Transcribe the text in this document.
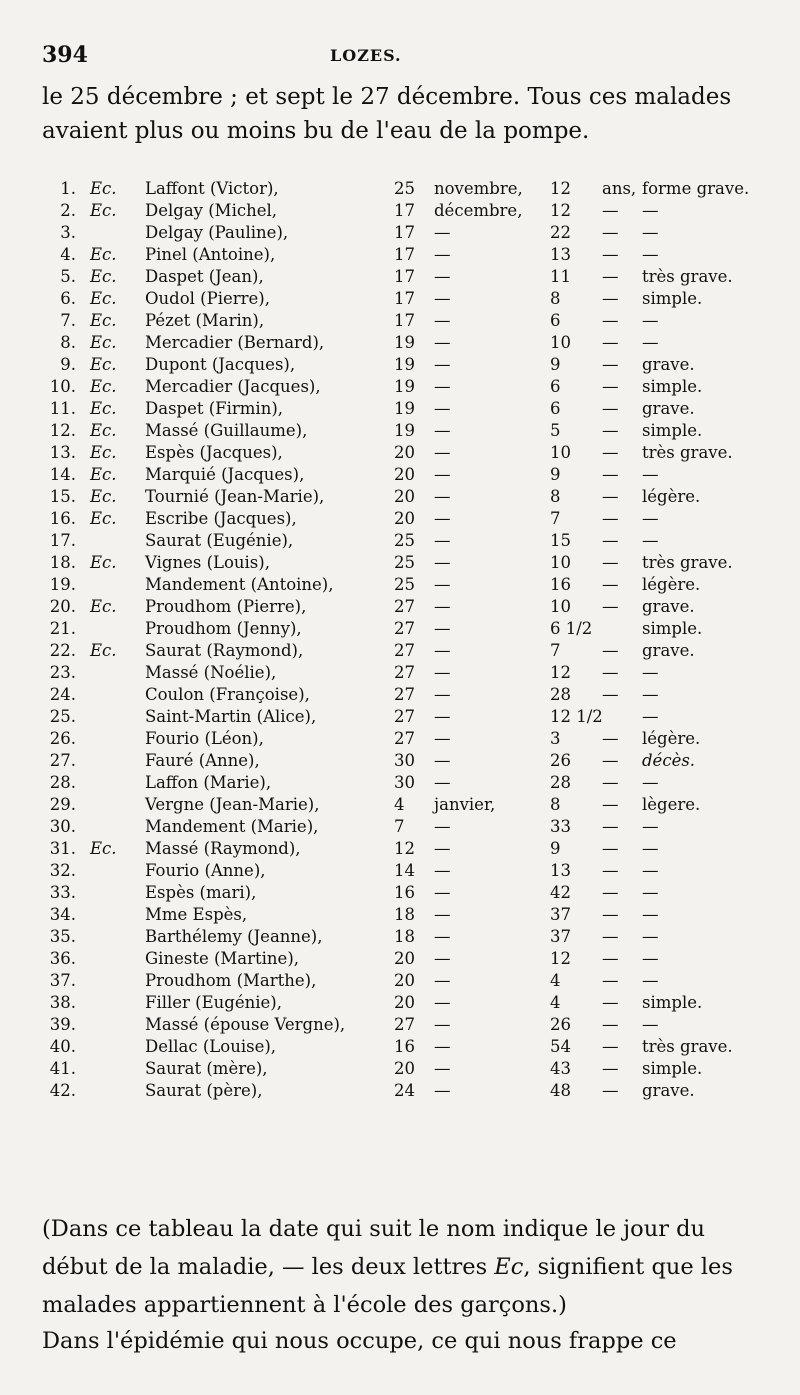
394	LOZES.
le 25 décembre ; et sept le 27 décembre. Tous ces malades avaient plus ou moins bu de l'eau de la pompe.
1. Ec. Laffont (Victor),	25	novembre, 12	ans, forme grave.
2. Ec. Delgay (Michel,	17	décembre, 12	— —
3.	Delgay (Pauline),	17	—	22	— —
4. Ec. Pinel (Antoine),	17	—	13	— —
5. Ec. Daspet (Jean),	17	—	11	— très grave.
6. Ec. Oudol (Pierre),	17	—	8	— simple.
7. Ec. Pézet (Marin),	17	—	6	— —
8. Ec. Mercadier (Bernard),	19	—	10	— —
9. Ec. Dupont (Jacques),	19	—	9	— grave.
10. Ec. Mercadier (Jacques),	19	—	6	— simple.
11. Ec. Daspet (Firmin),	19	—	6	— grave.
12. Ec. Massé (Guillaume),	19	—	5	— simple.
13. Ec. Espès (Jacques),	20	—	10	— très grave.
14. Ec. Marquié (Jacques),	20	—	9	— —
15. Ec. Tournié (Jean-Marie),	20	—	8	— légère.
16. Ec. Escribe (Jacques),	20	—	7	— —
17.	Saurat (Eugénie),	25	—	15	— —
18. Ec. Vignes (Louis),	25	—	10	— très grave.
19.	Mandement (Antoine),	25	—	16	— légère.
20. Ec. Proudhom (Pierre),	27	—	10	— grave.
21.	Proudhom (Jenny),	27	—	6 1/2	simple.
22. Ec. Saurat (Raymond),	27	—	7	— grave.
23.	Massé (Noélie),	27	—	12	— —
24.	Coulon (Françoise),	27	—	28	— —
25.	Saint-Martin (Alice),	27	—	12 1/2 —
26.	Fourio (Léon),	27	—	3	— légère.
27.	Fauré (Anne),	30	—	26	— décès.
28.	Laffon (Marie),	30	—	28	— —
29.	Vergne (Jean-Marie),	4	janvier,	8	— lègere.
30.	Mandement (Marie),	7	—	33	— —
31. Ec. Massé (Raymond),	12	—	9	— —
32.	Fourio (Anne),	14	—	13	— —
33.	Espès (mari),	16	—	42	— —
34.	Mme Espès,	18	—	37	— —
35.	Barthélemy (Jeanne),	18	—	37	— —
36.	Gineste (Martine),	20	—	12	— —
37.	Proudhom (Marthe),	20	—	4	— —
38.	Filler (Eugénie),	20	—	4	— simple.
39.	Massé (épouse Vergne),	27	—	26	— —
40.	Dellac (Louise),	16	—	54	— très grave.
41.	Saurat (mère),	20	—	43	— simple.
42.	Saurat (père),	24	—	48	— grave.
(Dans ce tableau la date qui suit le nom indique le jour du début de la maladie, — les deux lettres Ec, signifient que les malades appartiennent à l'école des garçons.)
Dans l'épidémie qui nous occupe, ce qui nous frappe ce
